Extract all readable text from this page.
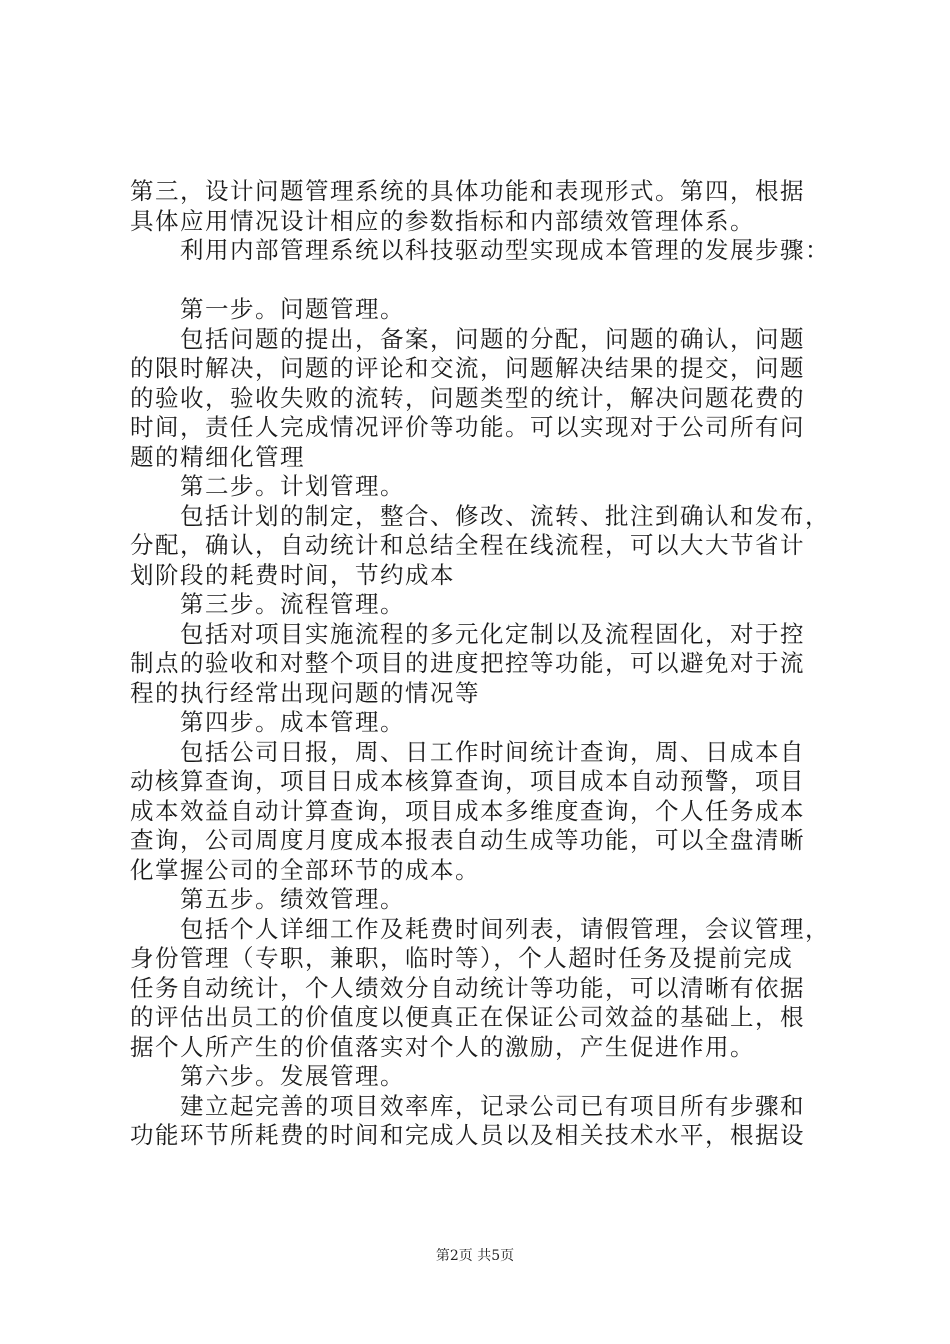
第三，设计问题管理系统的具体功能和表现形式。第四，根据
具体应用情况设计相应的参数指标和内部绩效管理体系。
利用内部管理系统以科技驱动型实现成本管理的发展步骤：
第一步。问题管理。
包括问题的提出，备案，问题的分配，问题的确认，问题
的限时解决，问题的评论和交流，问题解决结果的提交，问题
的验收，验收失败的流转，问题类型的统计，解决问题花费的
时间，责任人完成情况评价等功能。可以实现对于公司所有问
题的精细化管理
第二步。计划管理。
包括计划的制定，整合、修改、流转、批注到确认和发布，
分配，确认，自动统计和总结全程在线流程，可以大大节省计
划阶段的耗费时间，节约成本
第三步。流程管理。
包括对项目实施流程的多元化定制以及流程固化，对于控
制点的验收和对整个项目的进度把控等功能，可以避免对于流
程的执行经常出现问题的情况等
第四步。成本管理。
包括公司日报，周、日工作时间统计查询，周、日成本自
动核算查询，项目日成本核算查询，项目成本自动预警，项目
成本效益自动计算查询，项目成本多维度查询，个人任务成本
查询，公司周度月度成本报表自动生成等功能，可以全盘清晰
化掌握公司的全部环节的成本。
第五步。绩效管理。
包括个人详细工作及耗费时间列表，请假管理，会议管理，
身份管理（专职，兼职，临时等），个人超时任务及提前完成
任务自动统计，个人绩效分自动统计等功能，可以清晰有依据
的评估出员工的价值度以便真正在保证公司效益的基础上，根
据个人所产生的价值落实对个人的激励，产生促进作用。
第六步。发展管理。
建立起完善的项目效率库，记录公司已有项目所有步骤和
功能环节所耗费的时间和完成人员以及相关技术水平，根据设
第2页 共5页
